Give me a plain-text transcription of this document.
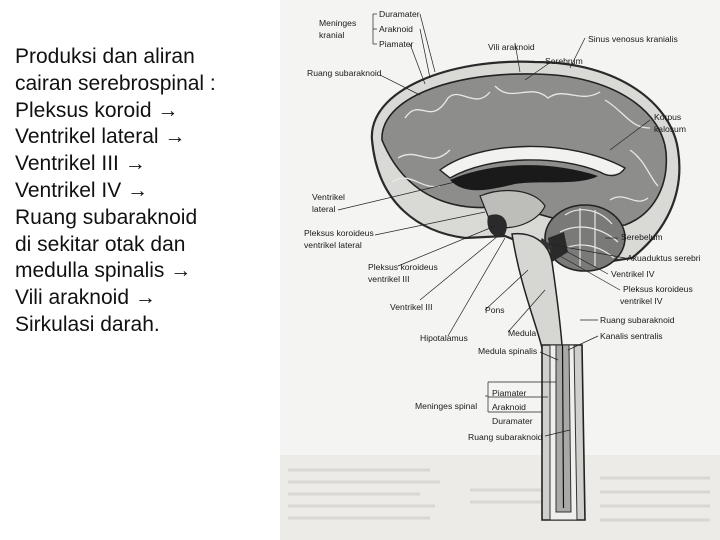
Produksi dan aliran
cairan serebrospinal :
Pleksus koroid →
Ventrikel lateral →
Ventrikel III →
Ventrikel IV →
Ruang subaraknoid
di sekitar otak dan
medulla spinalis →
Vili araknoid →
Sirkulasi darah.
Meninges
kranial
Duramater
Araknoid
Piamater	Vili araknoid
Sinus venosus kranialis
Serebrum
Ruang subaraknoid
Korpus
kalosum
Ventrikel
lateral
Pleksus koroideus
ventrikel lateral
Serebelum
Akuaduktus serebri
Pleksus koroideus
ventrikel III	Ventrikel IV
Pleksus koroideus
ventrikel IV
Ventrikel III	Pons
Ruang subaraknoid
Hipotalamus	Medula	Kanalis sentralis
Medula spinalis
Meninges spinal
Piamater
Araknoid
Duramater
Ruang subaraknoid
